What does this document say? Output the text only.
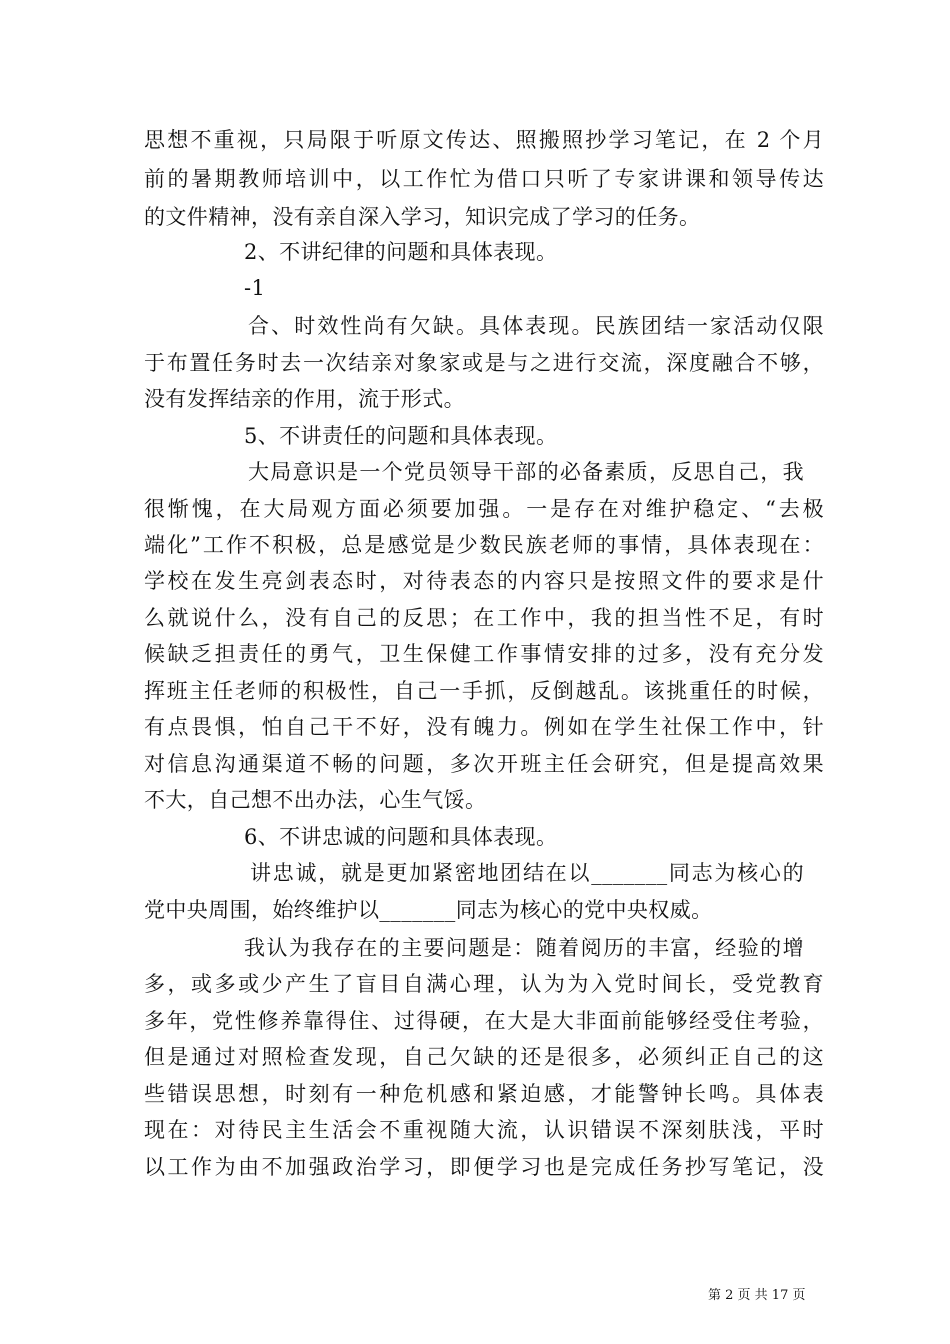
思想不重视，只局限于听原文传达、照搬照抄学习笔记，在 2 个月
前的暑期教师培训中，以工作忙为借口只听了专家讲课和领导传达
的文件精神，没有亲自深入学习，知识完成了学习的任务。
2、不讲纪律的问题和具体表现。
-1
合、时效性尚有欠缺。具体表现。民族团结一家活动仅限
于布置任务时去一次结亲对象家或是与之进行交流，深度融合不够，
没有发挥结亲的作用，流于形式。
5、不讲责任的问题和具体表现。
大局意识是一个党员领导干部的必备素质，反思自己，我
很惭愧，在大局观方面必须要加强。一是存在对维护稳定、“去极
端化”工作不积极，总是感觉是少数民族老师的事情，具体表现在：
学校在发生亮剑表态时，对待表态的内容只是按照文件的要求是什
么就说什么，没有自己的反思；在工作中，我的担当性不足，有时
候缺乏担责任的勇气，卫生保健工作事情安排的过多，没有充分发
挥班主任老师的积极性，自己一手抓，反倒越乱。该挑重任的时候，
有点畏惧，怕自己干不好，没有魄力。例如在学生社保工作中，针
对信息沟通渠道不畅的问题，多次开班主任会研究，但是提高效果
不大，自己想不出办法，心生气馁。
6、不讲忠诚的问题和具体表现。
讲忠诚，就是更加紧密地团结在以_______同志为核心的
党中央周围，始终维护以_______同志为核心的党中央权威。
我认为我存在的主要问题是：随着阅历的丰富，经验的增
多，或多或少产生了盲目自满心理，认为为入党时间长，受党教育
多年，党性修养靠得住、过得硬，在大是大非面前能够经受住考验，
但是通过对照检查发现，自己欠缺的还是很多，必须纠正自己的这
些错误思想，时刻有一种危机感和紧迫感，才能警钟长鸣。具体表
现在：对待民主生活会不重视随大流，认识错误不深刻肤浅，平时
以工作为由不加强政治学习，即便学习也是完成任务抄写笔记，没
第 2 页 共 17 页
